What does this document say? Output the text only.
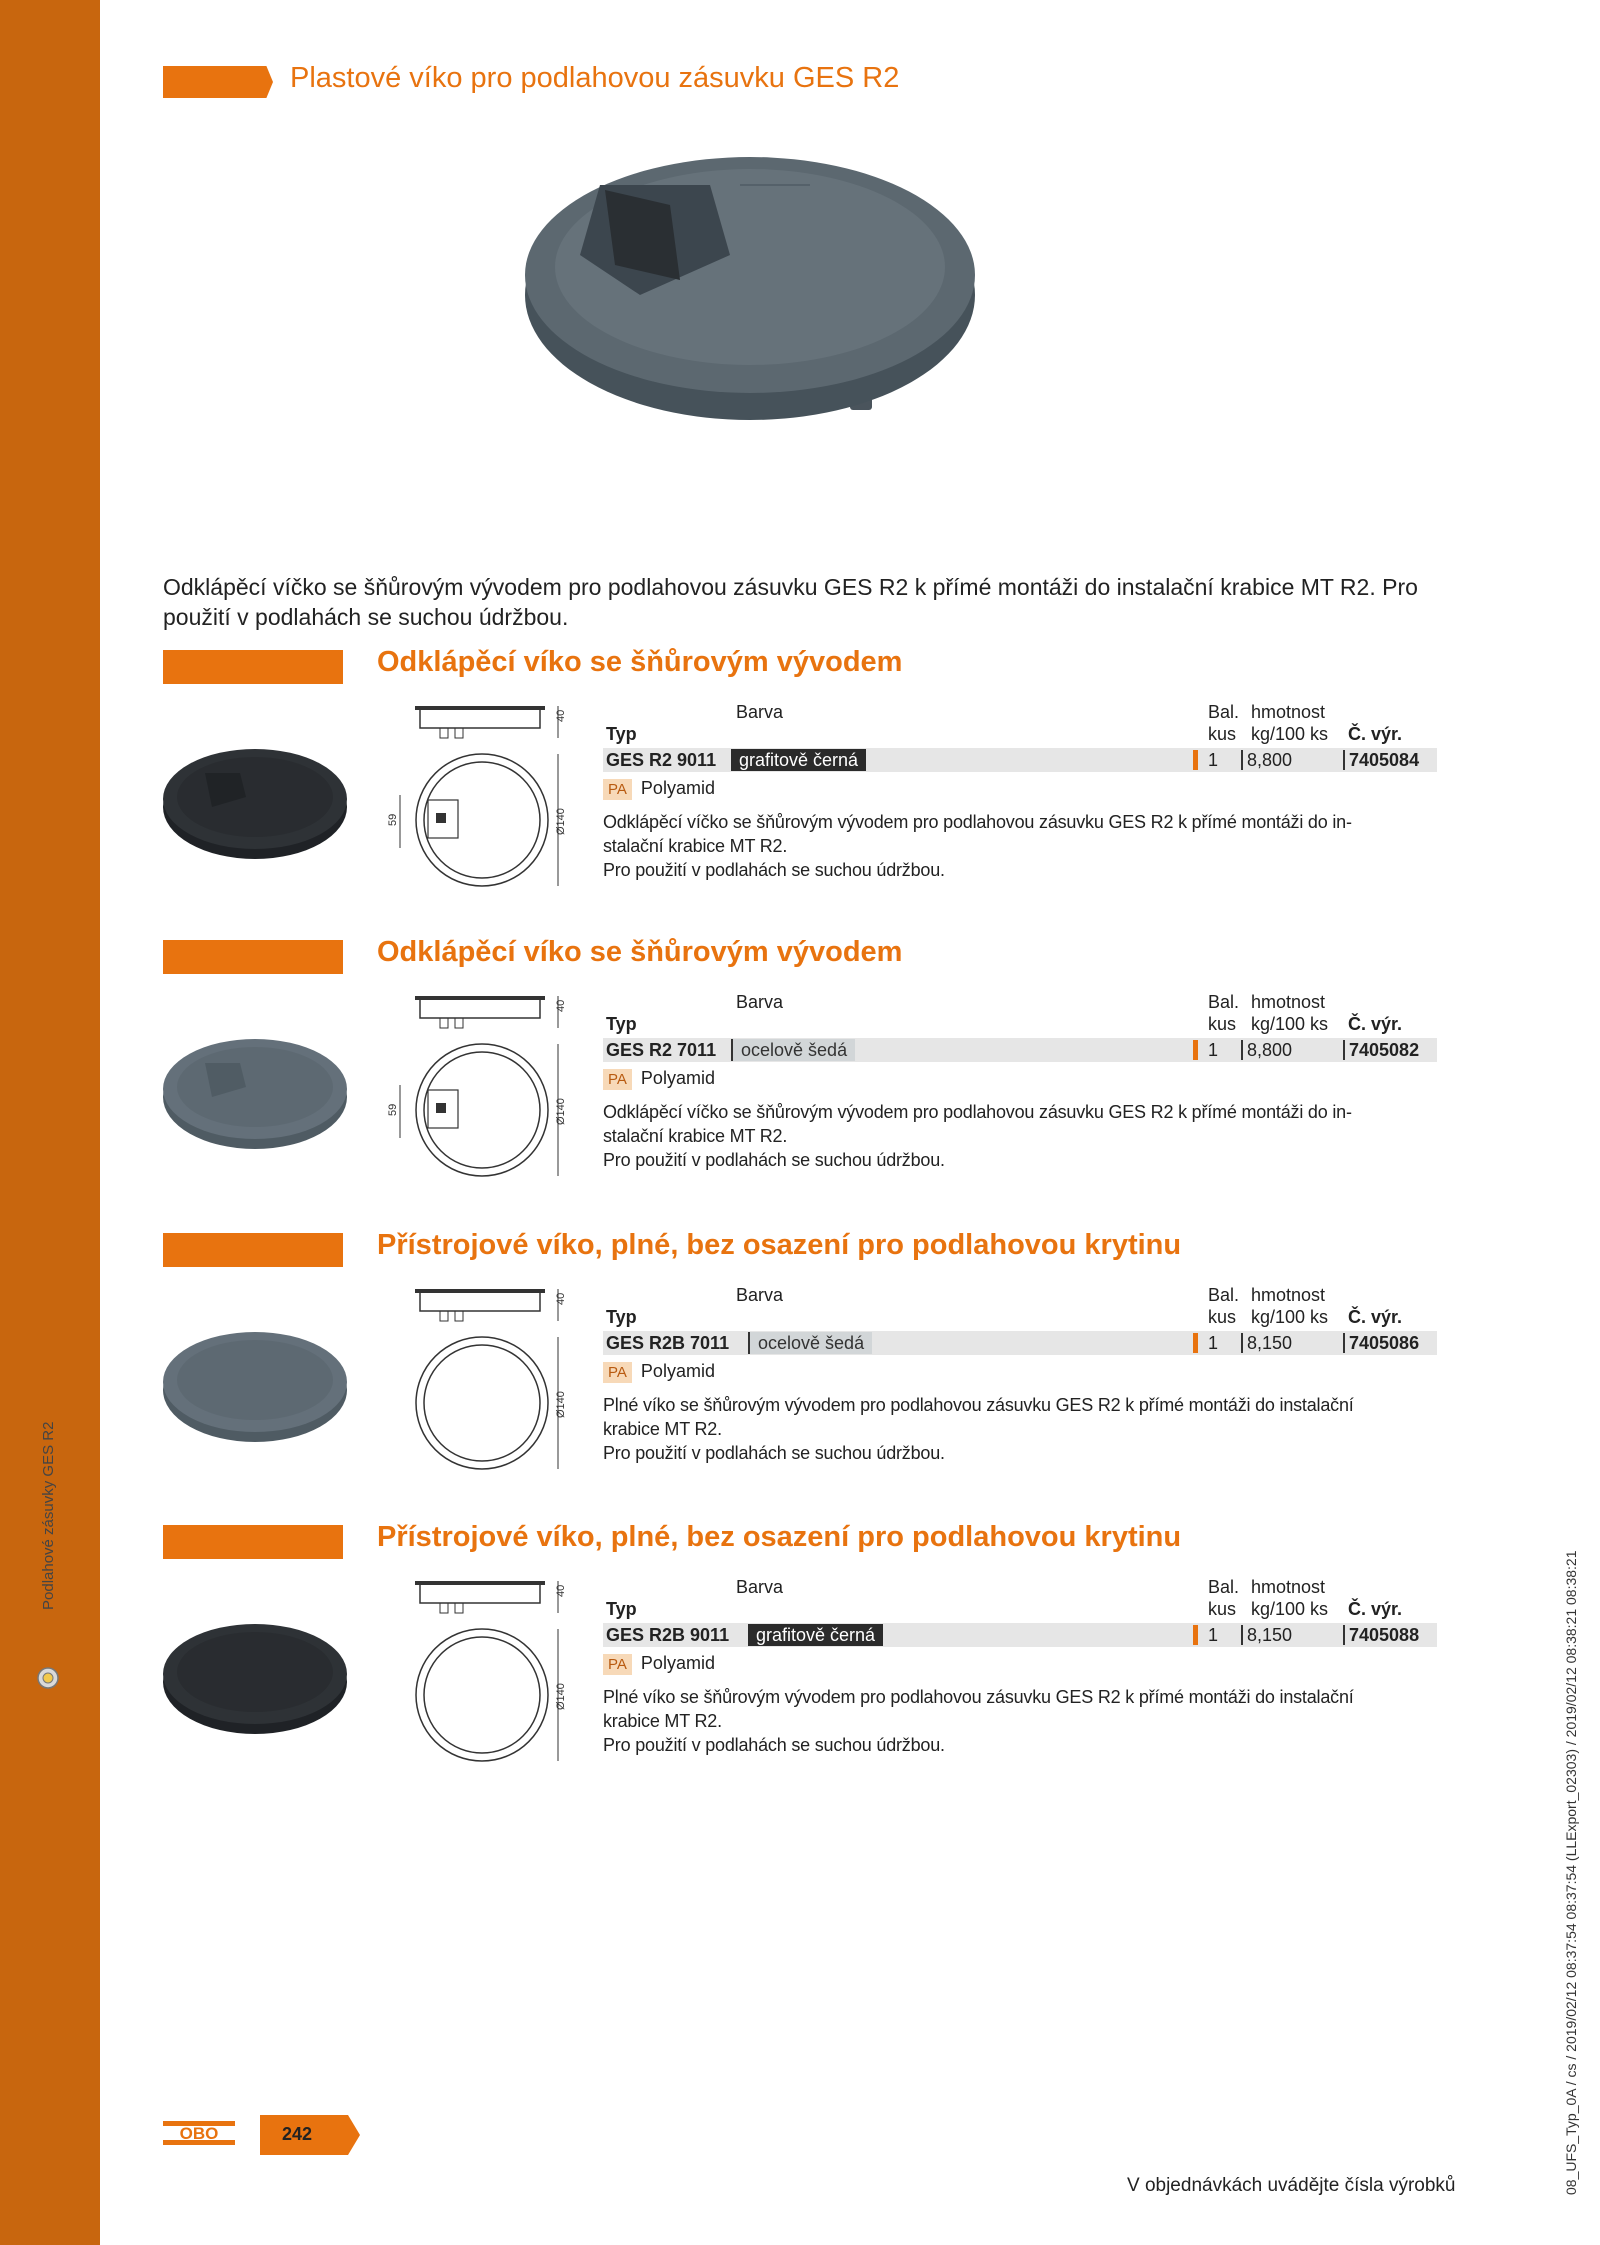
Podlahové zásuvky GES R2
Plastové víko pro podlahovou zásuvku GES R2
Odklápěcí víčko se šňůrovým vývodem pro podlahovou zásuvku GES R2 k přímé montáži do instalační krabice MT R2. Pro použití v podlahách se suchou údržbou.
Odklápěcí víko se šňůrovým vývodem
40
Ø140
59
Barva	Bal. hmotnost
Typ	kus kg/100 ks Č. výr.
GES R2 9011	grafitově černá	1 8,800	7405084
PA Polyamid
Odklápěcí víčko se šňůrovým vývodem pro podlahovou zásuvku GES R2 k přímé montáži do in-
stalační krabice MT R2.
Pro použití v podlahách se suchou údržbou.
Odklápěcí víko se šňůrovým vývodem
40
Ø140
59
Barva	Bal. hmotnost
Typ	kus kg/100 ks Č. výr.
GES R2 7011	ocelově šedá	1 8,800	7405082
PA Polyamid
Odklápěcí víčko se šňůrovým vývodem pro podlahovou zásuvku GES R2 k přímé montáži do in-
stalační krabice MT R2.
Pro použití v podlahách se suchou údržbou.
Přístrojové víko, plné, bez osazení pro podlahovou krytinu
40
Ø140
Barva	Bal. hmotnost
Typ	kus kg/100 ks Č. výr.
GES R2B 7011	ocelově šedá	1 8,150	7405086
PA Polyamid
Plné víko se šňůrovým vývodem pro podlahovou zásuvku GES R2 k přímé montáži do instalační
krabice MT R2.
Pro použití v podlahách se suchou údržbou.
Přístrojové víko, plné, bez osazení pro podlahovou krytinu
40
Ø140
Barva	Bal. hmotnost
Typ	kus kg/100 ks Č. výr.
GES R2B 9011	grafitově černá	1 8,150	7405088
PA Polyamid
Plné víko se šňůrovým vývodem pro podlahovou zásuvku GES R2 k přímé montáži do instalační
krabice MT R2.
Pro použití v podlahách se suchou údržbou.
OBO	242
V objednávkách uvádějte čísla výrobků	08_UFS_Typ_0A / cs / 2019/02/12 08:37:54 08:37:54 (LLExport_02303) / 2019/02/12 08:38:21 08:38:21
